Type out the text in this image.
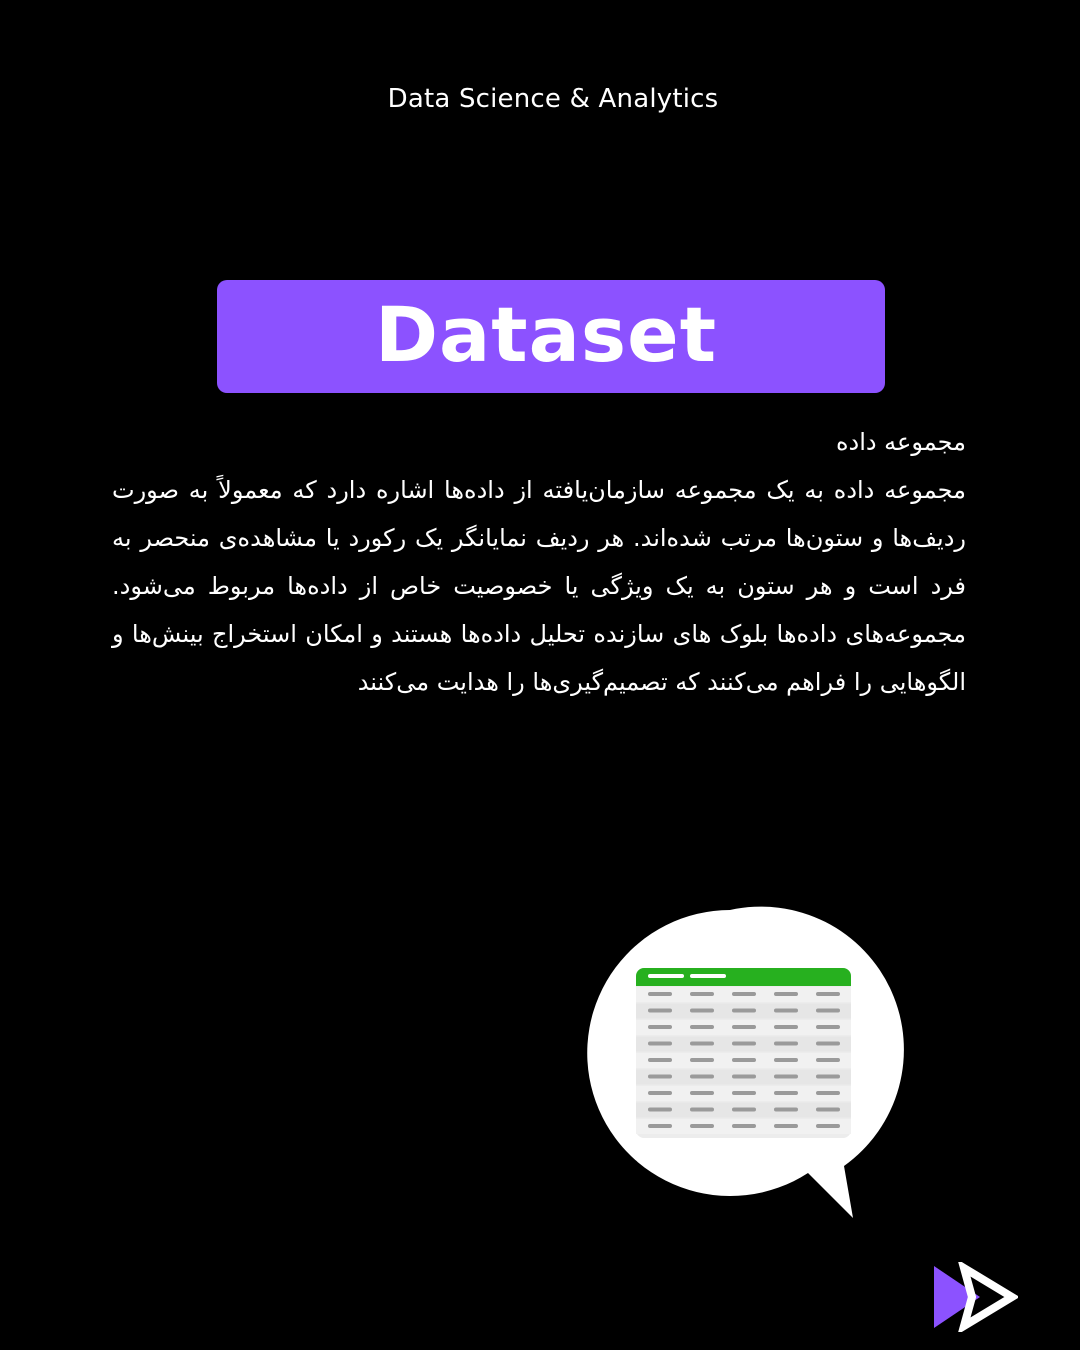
Data Science & Analytics
Dataset
مجموعه داده
مجموعه داده به یک مجموعه سازمان‌یافته از داده‌ها اشاره دارد که معمولاً به صورت ردیف‌ها و ستون‌ها مرتب شده‌اند. هر ردیف نمایانگر یک رکورد یا مشاهده‌ی منحصر به فرد است و هر ستون به یک ویژگی یا خصوصیت خاص از داده‌ها مربوط می‌شود. مجموعه‌های داده‌ها بلوک های سازنده تحلیل داده‌ها هستند و امکان استخراج بینش‌ها و الگوهایی را فراهم می‌کنند که تصمیم‌گیری‌ها را هدایت می‌کنند
